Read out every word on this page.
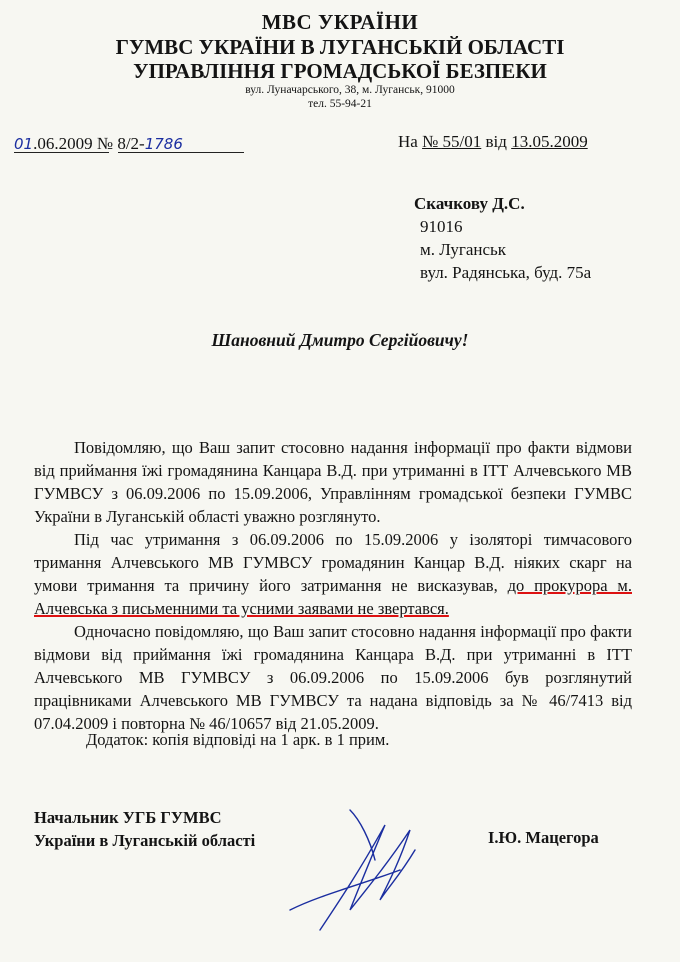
МВС УКРАЇНИ
ГУМВС УКРАЇНИ В ЛУГАНСЬКІЙ ОБЛАСТІ
УПРАВЛІННЯ ГРОМАДСЬКОЇ БЕЗПЕКИ
вул. Луначарського, 38, м. Луганськ, 91000
тел. 55-94-21
01.06.2009 № 8/2-1786	На № 55/01 від 13.05.2009
Скачкову Д.С.
91016
м. Луганськ
вул. Радянська, буд. 75а
Шановний Дмитро Сергійовичу!

Повідомляю, що Ваш запит стосовно надання інформації про факти відмови від приймання їжі громадянина Канцара В.Д. при утриманні в ІТТ Алчевського МВ ГУМВСУ з 06.09.2006 по 15.09.2006, Управлінням громадської безпеки ГУМВС України в Луганській області уважно розглянуто.

Під час утримання з 06.09.2006 по 15.09.2006 у ізоляторі тимчасового тримання Алчевського МВ ГУМВСУ громадянин Канцар В.Д. ніяких скарг на умови тримання та причину його затримання не висказував, до прокурора м. Алчевська з письменними та усними заявами не звертався.

Одночасно повідомляю, що Ваш запит стосовно надання інформації про факти відмови від приймання їжі громадянина Канцара В.Д. при утриманні в ІТТ Алчевського МВ ГУМВСУ з 06.09.2006 по 15.09.2006 був розглянутий працівниками Алчевського МВ ГУМВСУ та надана відповідь за № 46/7413 від 07.04.2009 і повторна № 46/10657 від 21.05.2009.

Додаток: копія відповіді на 1 арк. в 1 прим.
Начальник УГБ ГУМВС
України в Луганській області	І.Ю. Мацегора
